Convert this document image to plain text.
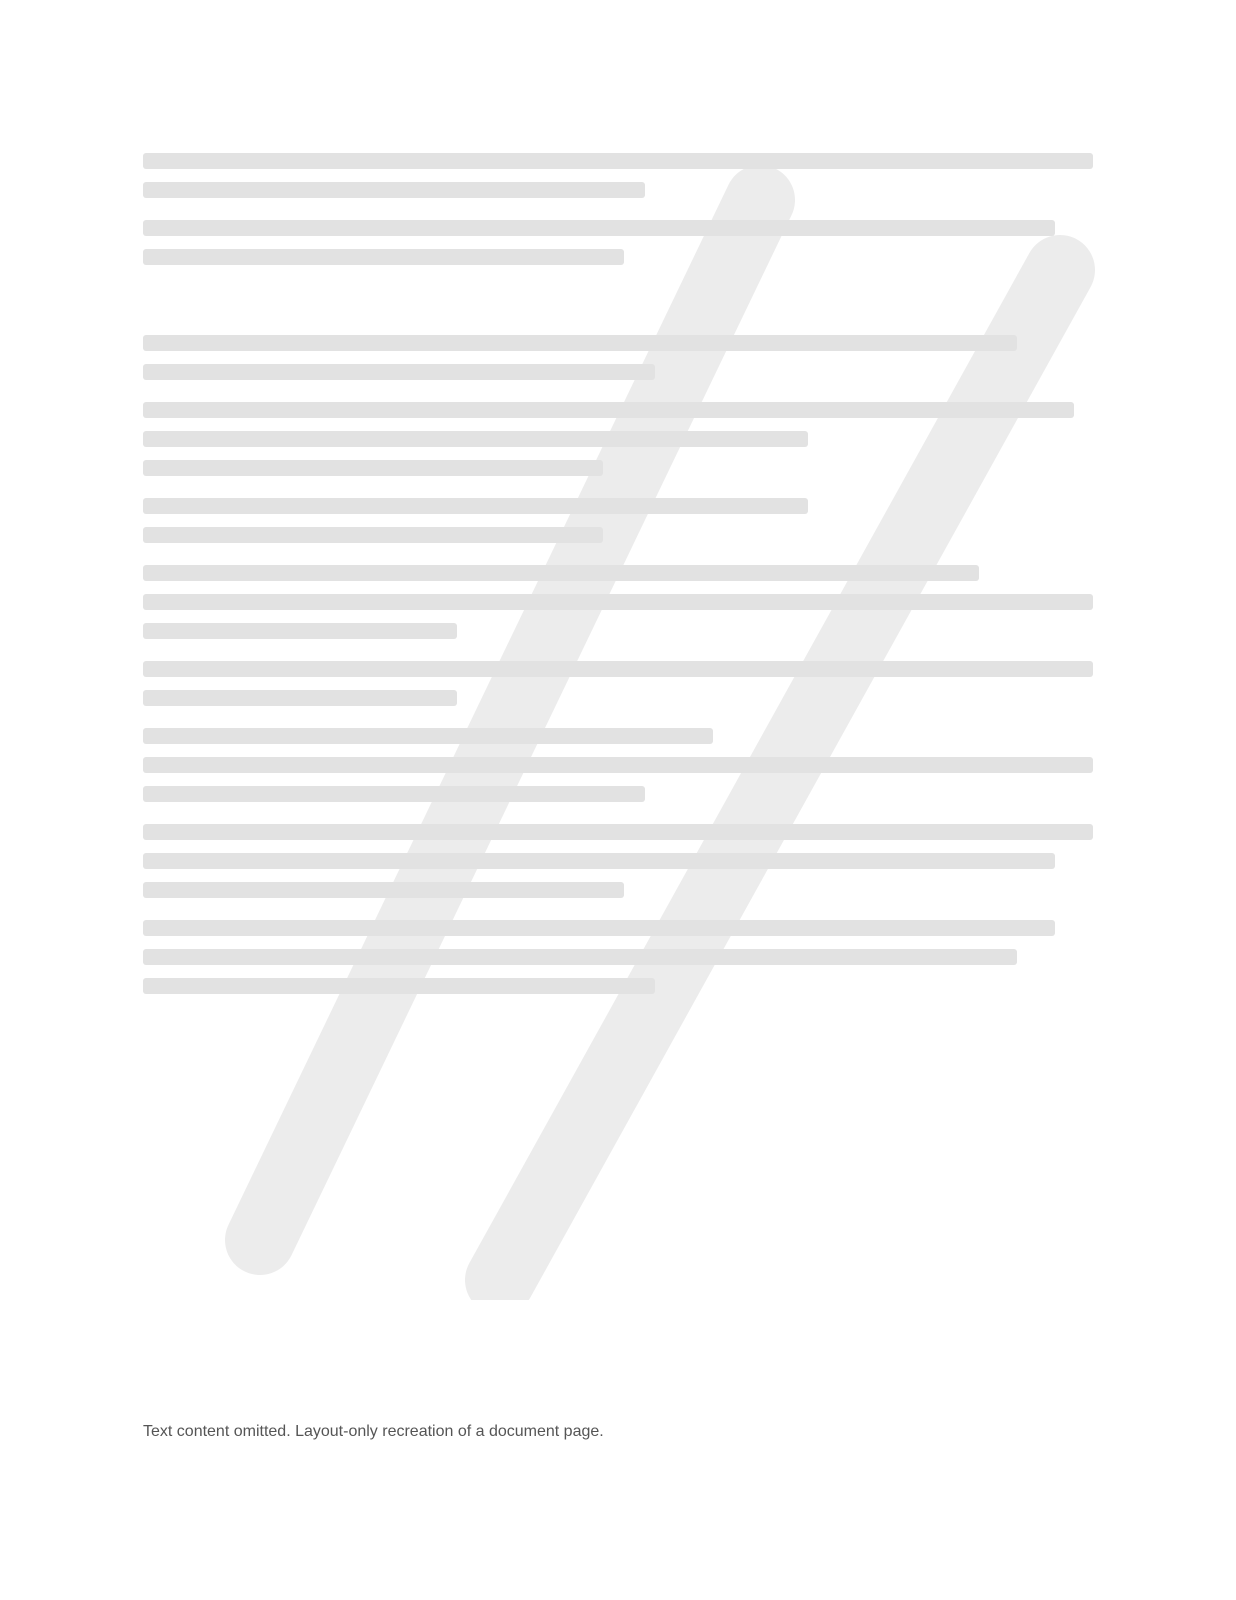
Text content omitted. Layout-only recreation of a document page.
